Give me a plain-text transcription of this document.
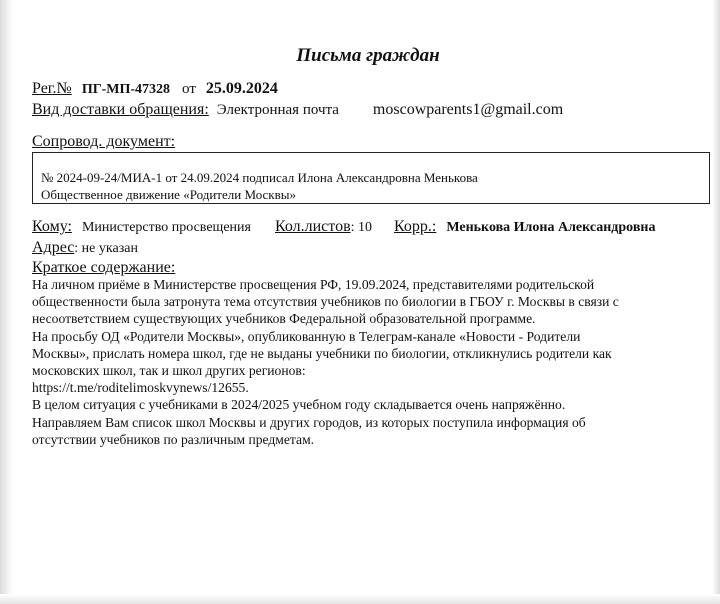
Письма граждан
Рег.№ ПГ-МП-47328 от 25.09.2024
Вид доставки обращения: Электронная почта moscowparents1@gmail.com
Сопровод. документ:
№ 2024-09-24/МИА-1 от 24.09.2024 подписал Илона Александровна Менькова
Общественное движение «Родители Москвы»
Кому: Министерство просвещения Кол.листов: 10 Корр.: Менькова Илона Александровна
Адрес: не указан
Краткое содержание:
На личном приёме в Министерстве просвещения РФ, 19.09.2024, представителями родительской
общественности была затронута тема отсутствия учебников по биологии в ГБОУ г. Москвы в связи с
несоответствием существующих учебников Федеральной образовательной программе.
На просьбу ОД «Родители Москвы», опубликованную в Телеграм-канале «Новости - Родители
Москвы», прислать номера школ, где не выданы учебники по биологии, откликнулись родители как
московских школ, так и школ других регионов:
https://t.me/roditelimoskvynews/12655.
В целом ситуация с учебниками в 2024/2025 учебном году складывается очень напряжённо.
Направляем Вам список школ Москвы и других городов, из которых поступила информация об
отсутствии учебников по различным предметам.
